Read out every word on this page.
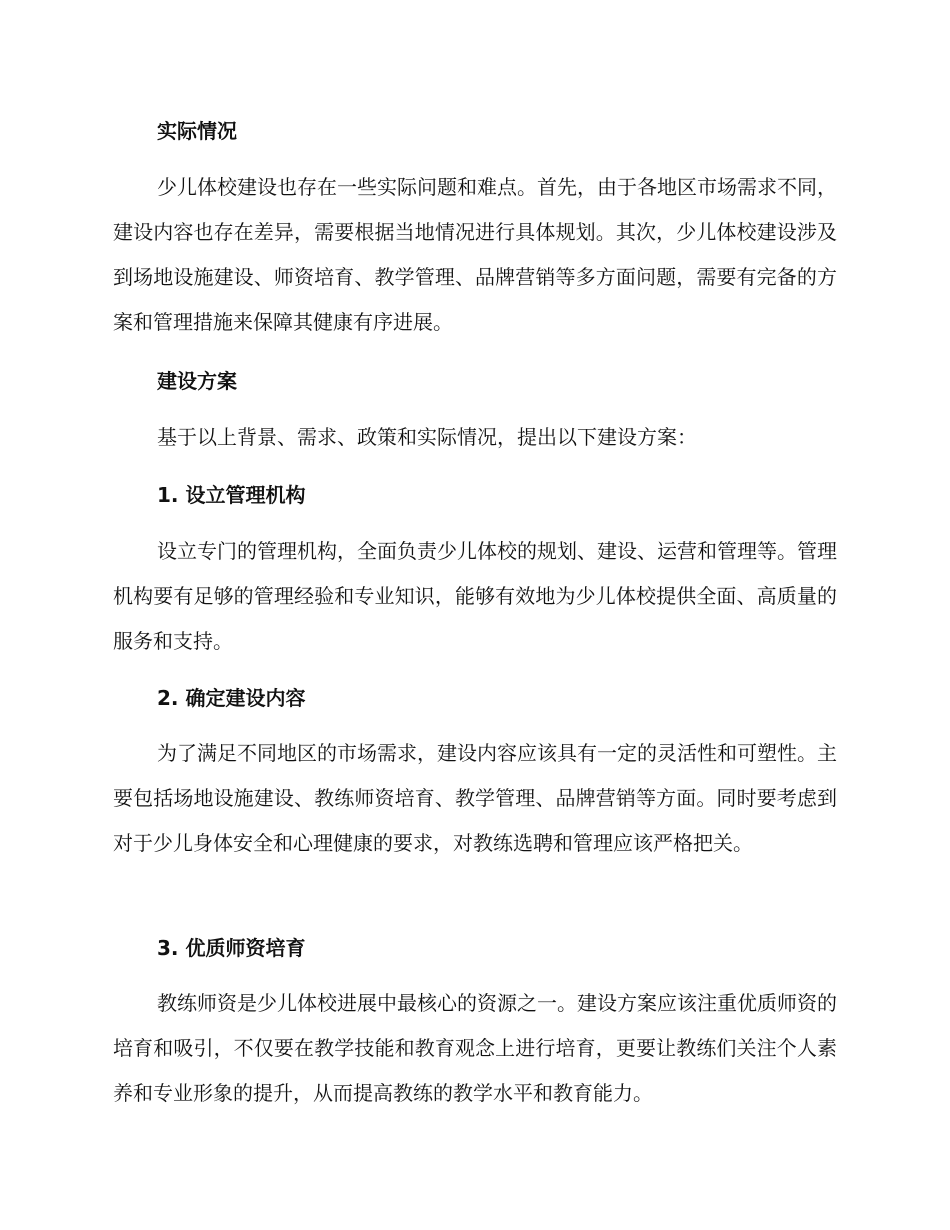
实际情况

少儿体校建设也存在一些实际问题和难点。首先，由于各地区市场需求不同，建设内容也存在差异，需要根据当地情况进行具体规划。其次，少儿体校建设涉及到场地设施建设、师资培育、教学管理、品牌营销等多方面问题，需要有完备的方案和管理措施来保障其健康有序进展。

建设方案

基于以上背景、需求、政策和实际情况，提出以下建设方案：

1. 设立管理机构

设立专门的管理机构，全面负责少儿体校的规划、建设、运营和管理等。管理机构要有足够的管理经验和专业知识，能够有效地为少儿体校提供全面、高质量的服务和支持。

2. 确定建设内容

为了满足不同地区的市场需求，建设内容应该具有一定的灵活性和可塑性。主要包括场地设施建设、教练师资培育、教学管理、品牌营销等方面。同时要考虑到对于少儿身体安全和心理健康的要求，对教练选聘和管理应该严格把关。

3. 优质师资培育

教练师资是少儿体校进展中最核心的资源之一。建设方案应该注重优质师资的培育和吸引，不仅要在教学技能和教育观念上进行培育，更要让教练们关注个人素养和专业形象的提升，从而提高教练的教学水平和教育能力。
